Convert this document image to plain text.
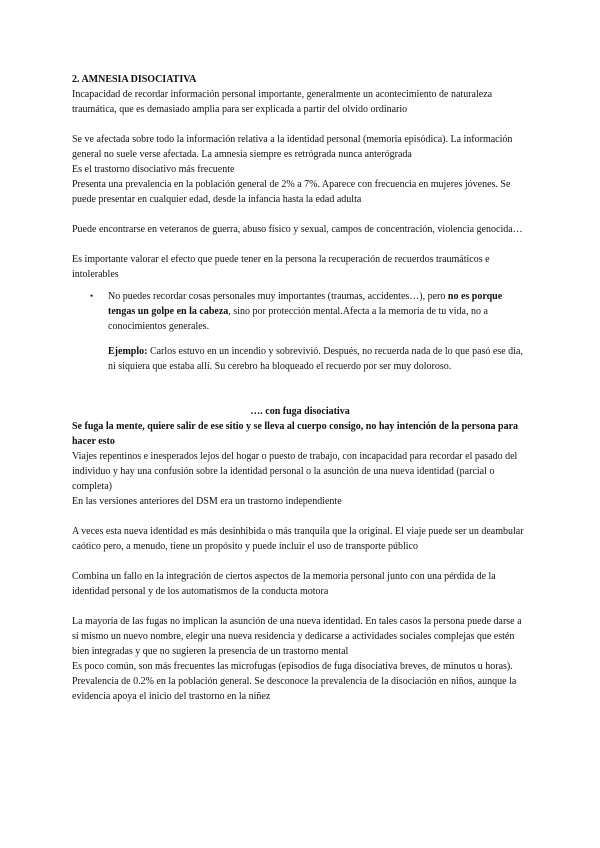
2. AMNESIA DISOCIATIVA

Incapacidad de recordar información personal importante, generalmente un acontecimiento de naturaleza traumática, que es demasiado amplia para ser explicada a partir del olvido ordinario

Se ve afectada sobre todo la información relativa a la identidad personal (memoria episódica). La información general no suele verse afectada. La amnesia siempre es retrógrada nunca anterógrada

Es el trastorno disociativo más frecuente

Presenta una prevalencia en la población general de 2% a 7%. Aparece con frecuencia en mujeres jóvenes. Se puede presentar en cualquier edad, desde la infancia hasta la edad adulta

Puede encontrarse en veteranos de guerra, abuso físico y sexual, campos de concentración, violencia genocida…

Es importante valorar el efecto que puede tener en la persona la recuperación de recuerdos traumáticos e intolerables

• No puedes recordar cosas personales muy importantes (traumas, accidentes…), pero no es porque tengas un golpe en la cabeza, sino por protección mental.Afecta a la memoria de tu vida, no a conocimientos generales.

Ejemplo: Carlos estuvo en un incendio y sobrevivió. Después, no recuerda nada de lo que pasó ese día, ni siquiera que estaba allí. Su cerebro ha bloqueado el recuerdo por ser muy doloroso.

…. con fuga disociativa

Se fuga la mente, quiere salir de ese sitio y se lleva al cuerpo consigo, no hay intención de la persona para hacer esto

Viajes repentinos e inesperados lejos del hogar o puesto de trabajo, con incapacidad para recordar el pasado del individuo y hay una confusión sobre la identidad personal o la asunción de una nueva identidad (parcial o completa)

En las versiones anteriores del DSM era un trastorno independiente

A veces esta nueva identidad es más desinhibida o más tranquila que la original. El viaje puede ser un deambular caótico pero, a menudo, tiene un propósito y puede incluir el uso de transporte público

Combina un fallo en la integración de ciertos aspectos de la memoria personal junto con una pérdida de la identidad personal y de los automatismos de la conducta motora

La mayoría de las fugas no implican la asunción de una nueva identidad. En tales casos la persona puede darse a sí mismo un nuevo nombre, elegir una nueva residencia y dedicarse a actividades sociales complejas que estén bien integradas y que no sugieren la presencia de un trastorno mental

Es poco común, son más frecuentes las microfugas (episodios de fuga disociativa breves, de minutos u horas). Prevalencia de 0.2% en la población general. Se desconoce la prevalencia de la disociación en niños, aunque la evidencia apoya el inicio del trastorno en la niñez
